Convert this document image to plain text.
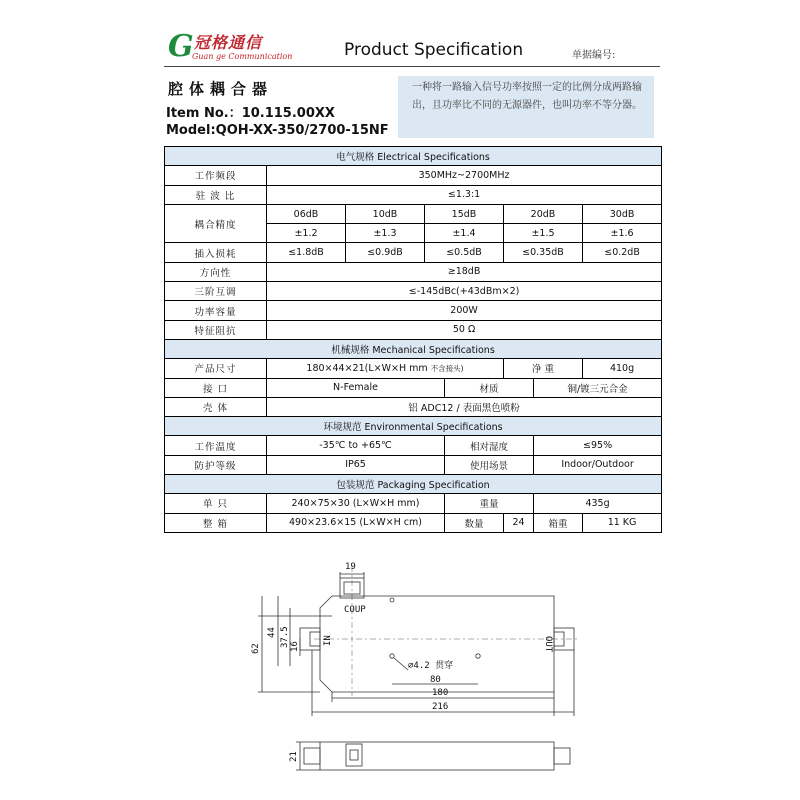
G 冠格通信
Guan ge Communication	Product Specification	单据编号:
腔体耦合器
Item No.：10.115.00XX
Model:QOH-XX-350/2700-15NF
一种将一路输入信号功率按照一定的比例分成两路输出，且功率比不同的无源器件，也叫功率不等分器。
电气规格 Electrical Specifications							
工作频段	350MHz~2700MHz						
驻 波 比	≤1.3:1						
耦合精度	06dB	10dB	15dB		20dB		30dB
	±1.2	±1.3	±1.4		±1.5		±1.6
插入损耗	≤1.8dB	≤0.9dB	≤0.5dB		≤0.35dB		≤0.2dB
方向性	≥18dB						
三阶互调	≤-145dBc(+43dBm×2)						
功率容量	200W						
特征阻抗	50 Ω						
机械规格 Mechanical Specifications							
产品尺寸	180×44×21(L×W×H mm 不含接头)				净 重		410g
接 口	N-Female			材质		铜/镀三元合金	
壳 体	铝 ADC12 / 表面黑色喷粉						
环境规范 Environmental Specifications							
工作温度	-35℃ to +65℃			相对湿度		≤95%	
防护等级	IP65			使用场景		Indoor/Outdoor	
包装规范 Packaging Specification							
单 只	240×75×30 (L×W×H mm)			重量		435g	
整 箱	490×23.6×15 (L×W×H cm)			数量	24	箱重	11 KG
19
62
44 37.5 16
COUP
IN	OUT
∅4.2 贯穿
80
180
216
21
